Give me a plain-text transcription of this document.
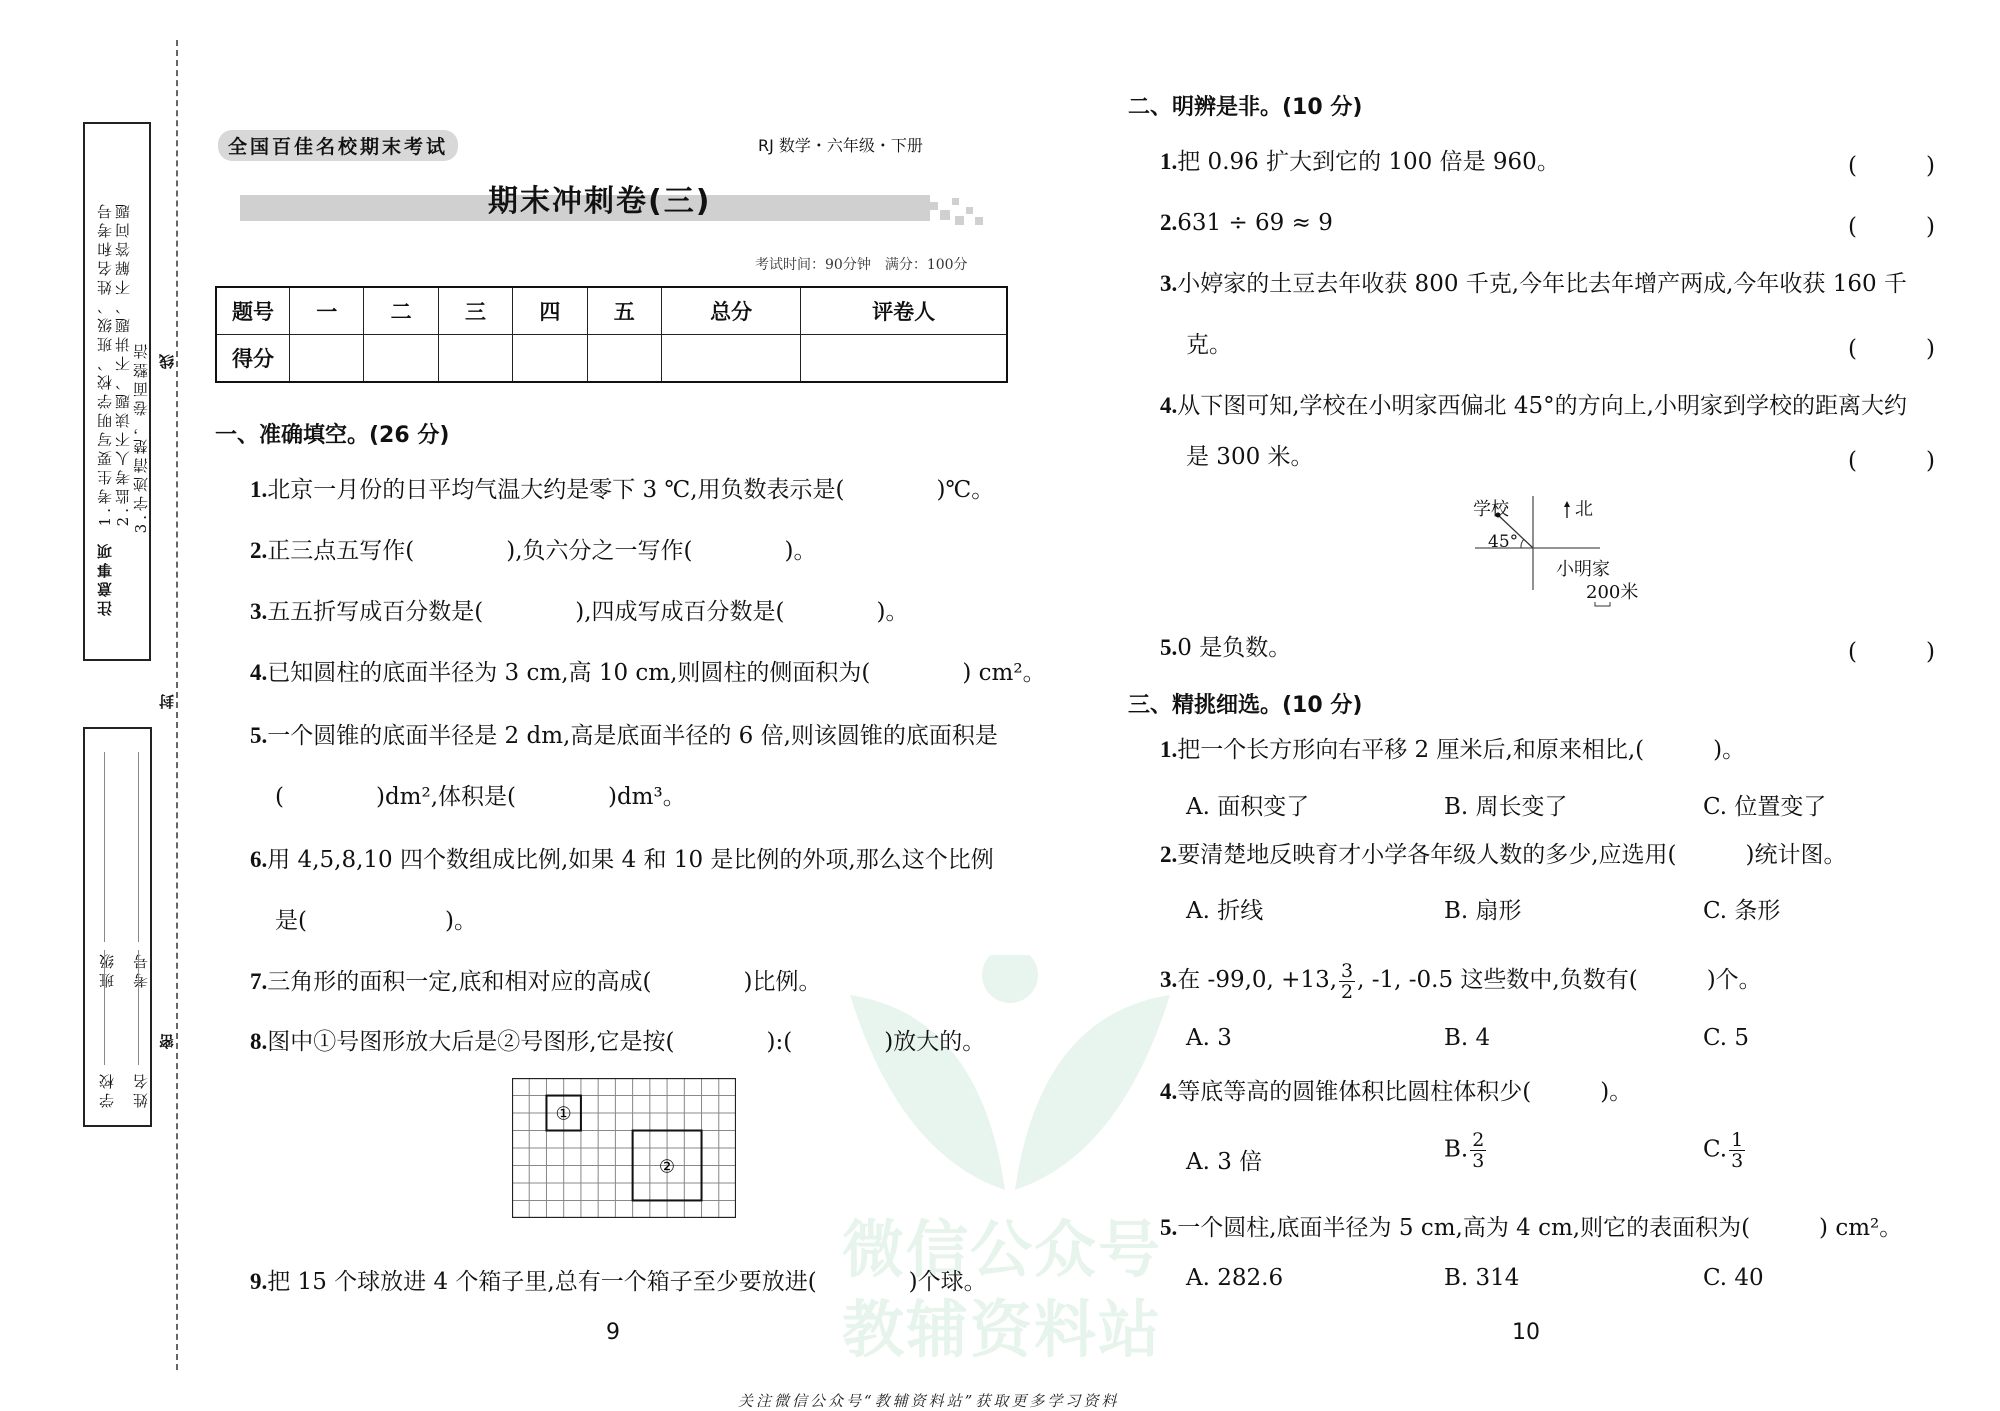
微信公众号
教辅资料站
注意事项
1.考生要写明学校、班级、姓名和考号 2.监考人不读题、不讲题、不解答问题 3.字迹清楚，卷面整洁 线
封
密
班级 考号
学校 姓名
全国百佳名校期末考试	RJ 数学・六年级・下册
期末冲刺卷(三)
考试时间：90分钟　满分：100分
题号	一	二	三	四	五	总分	评卷人
得分							
一、准确填空。(26 分)
1.北京一月份的日平均气温大约是零下 3 ℃,用负数表示是(　　　　)℃。
2.正三点五写作(　　　　),负六分之一写作(　　　　)。
3.五五折写成百分数是(　　　　),四成写成百分数是(　　　　)。
4.已知圆柱的底面半径为 3 cm,高 10 cm,则圆柱的侧面积为(　　　　) cm²。
5.一个圆锥的底面半径是 2 dm,高是底面半径的 6 倍,则该圆锥的底面积是
(　　　　)dm²,体积是(　　　　)dm³。
6.用 4,5,8,10 四个数组成比例,如果 4 和 10 是比例的外项,那么这个比例
是(　　　　　　)。
7.三角形的面积一定,底和相对应的高成(　　　　)比例。
8.图中①号图形放大后是②号图形,它是按(　　　　):(　　　　)放大的。
①
②
9.把 15 个球放进 4 个箱子里,总有一个箱子至少要放进(　　　　)个球。
9
二、明辨是非。(10 分)
1.把 0.96 扩大到它的 100 倍是 960。	(　　　)
2.631 ÷ 69 ≈ 9	(　　　)
3.小婷家的土豆去年收获 800 千克,今年比去年增产两成,今年收获 160 千
克。	(　　　)
4.从下图可知,学校在小明家西偏北 45°的方向上,小明家到学校的距离大约
是 300 米。	(　　　)
学校	北
45°
小明家
200米
5.0 是负数。	(　　　)
三、精挑细选。(10 分)
1.把一个长方形向右平移 2 厘米后,和原来相比,(　　　)。
A. 面积变了	B. 周长变了	C. 位置变了
2.要清楚地反映育才小学各年级人数的多少,应选用(　　　)统计图。
A. 折线	B. 扇形	C. 条形
3.在 -99,0, +13, $\frac{3}{2}$ , -1, -0.5 这些数中,负数有(　　　)个。
A. 3	B. 4	C. 5
4.等底等高的圆锥体积比圆柱体积少(　　　)。
A. 3 倍	B. $\frac{2}{3}$	C. $\frac{1}{3}$
5.一个圆柱,底面半径为 5 cm,高为 4 cm,则它的表面积为(　　　) cm²。
A. 282.6	B. 314	C. 40
10
关注微信公众号“教辅资料站”获取更多学习资料
